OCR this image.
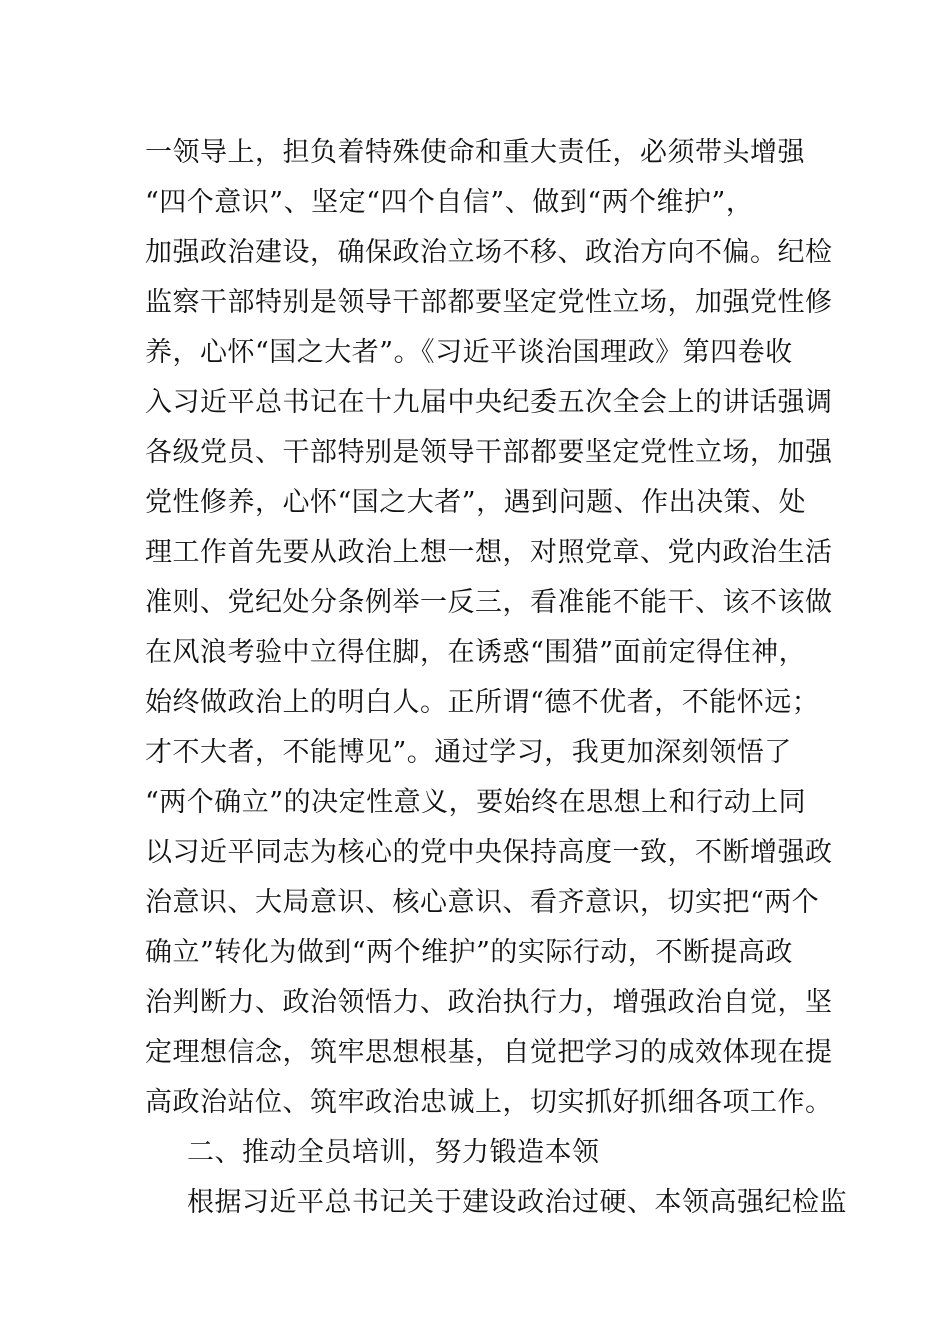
一领导上，担负着特殊使命和重大责任，必须带头增强
“四个意识”、坚定“四个自信”、做到“两个维护”，
加强政治建设，确保政治立场不移、政治方向不偏。纪检
监察干部特别是领导干部都要坚定党性立场，加强党性修
养，心怀“国之大者”。《习近平谈治国理政》第四卷收
入习近平总书记在十九届中央纪委五次全会上的讲话强调
各级党员、干部特别是领导干部都要坚定党性立场，加强
党性修养，心怀“国之大者”，遇到问题、作出决策、处
理工作首先要从政治上想一想，对照党章、党内政治生活
准则、党纪处分条例举一反三，看准能不能干、该不该做
在风浪考验中立得住脚，在诱惑“围猎”面前定得住神，
始终做政治上的明白人。正所谓“德不优者，不能怀远；
才不大者，不能博见”。通过学习，我更加深刻领悟了
“两个确立”的决定性意义，要始终在思想上和行动上同
以习近平同志为核心的党中央保持高度一致，不断增强政
治意识、大局意识、核心意识、看齐意识，切实把“两个
确立”转化为做到“两个维护”的实际行动，不断提高政
治判断力、政治领悟力、政治执行力，增强政治自觉，坚
定理想信念，筑牢思想根基，自觉把学习的成效体现在提
高政治站位、筑牢政治忠诚上，切实抓好抓细各项工作。
二、推动全员培训，努力锻造本领
根据习近平总书记关于建设政治过硬、本领高强纪检监
